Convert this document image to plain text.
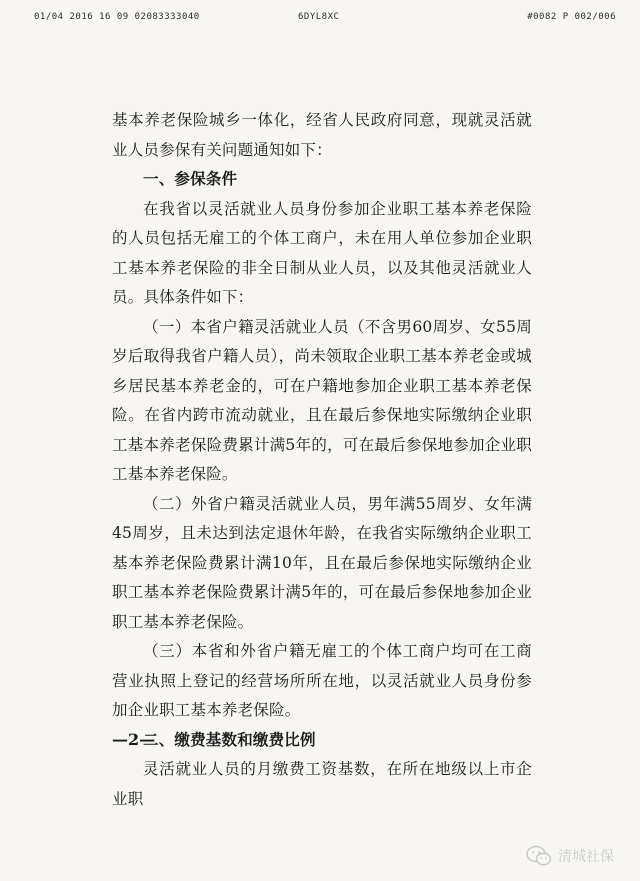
01/04 2016 16 09 02083333040	6DYL8XC	#0082 P 002/006

基本养老保险城乡一体化，经省人民政府同意，现就灵活就业人员参保有关问题通知如下：

一、参保条件

在我省以灵活就业人员身份参加企业职工基本养老保险的人员包括无雇工的个体工商户，未在用人单位参加企业职工基本养老保险的非全日制从业人员，以及其他灵活就业人员。具体条件如下：

（一）本省户籍灵活就业人员（不含男60周岁、女55周岁后取得我省户籍人员），尚未领取企业职工基本养老金或城乡居民基本养老金的，可在户籍地参加企业职工基本养老保险。在省内跨市流动就业，且在最后参保地实际缴纳企业职工基本养老保险费累计满5年的，可在最后参保地参加企业职工基本养老保险。

（二）外省户籍灵活就业人员，男年满55周岁、女年满45周岁，且未达到法定退休年龄，在我省实际缴纳企业职工基本养老保险费累计满10年，且在最后参保地实际缴纳企业职工基本养老保险费累计满5年的，可在最后参保地参加企业职工基本养老保险。

（三）本省和外省户籍无雇工的个体工商户均可在工商营业执照上登记的经营场所所在地，以灵活就业人员身份参加企业职工基本养老保险。

二、缴费基数和缴费比例

灵活就业人员的月缴费工资基数，在所在地级以上市企业职

—2—
清城社保
